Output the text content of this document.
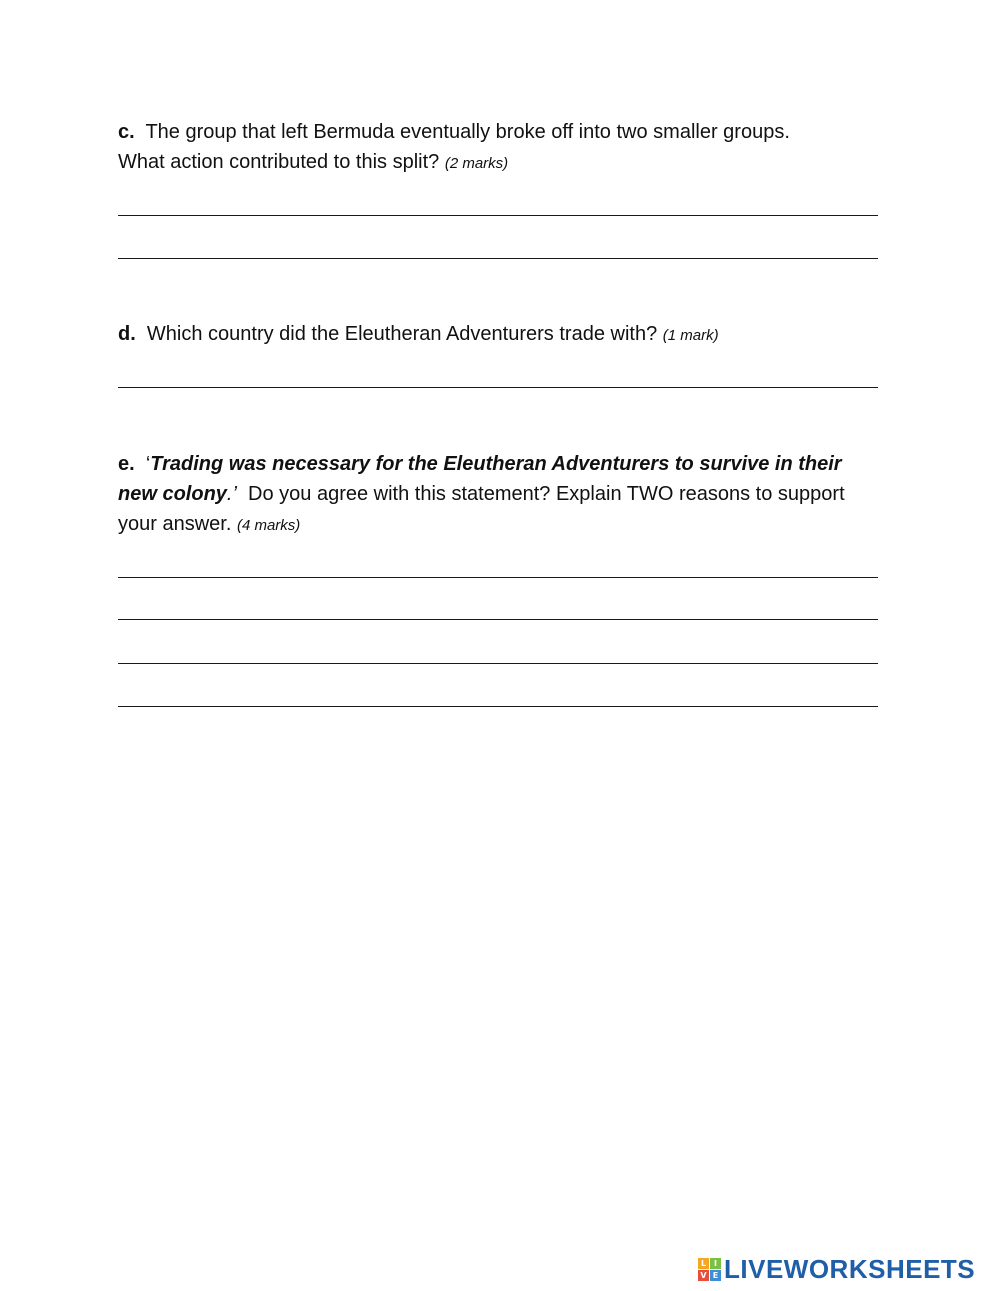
c. The group that left Bermuda eventually broke off into two smaller groups.
What action contributed to this split? (2 marks)
d. Which country did the Eleutheran Adventurers trade with? (1 mark)
e. ‘Trading was necessary for the Eleutheran Adventurers to survive in their new colony.’ Do you agree with this statement? Explain TWO reasons to support your answer. (4 marks)
L I
V E LIVEWORKSHEETS
